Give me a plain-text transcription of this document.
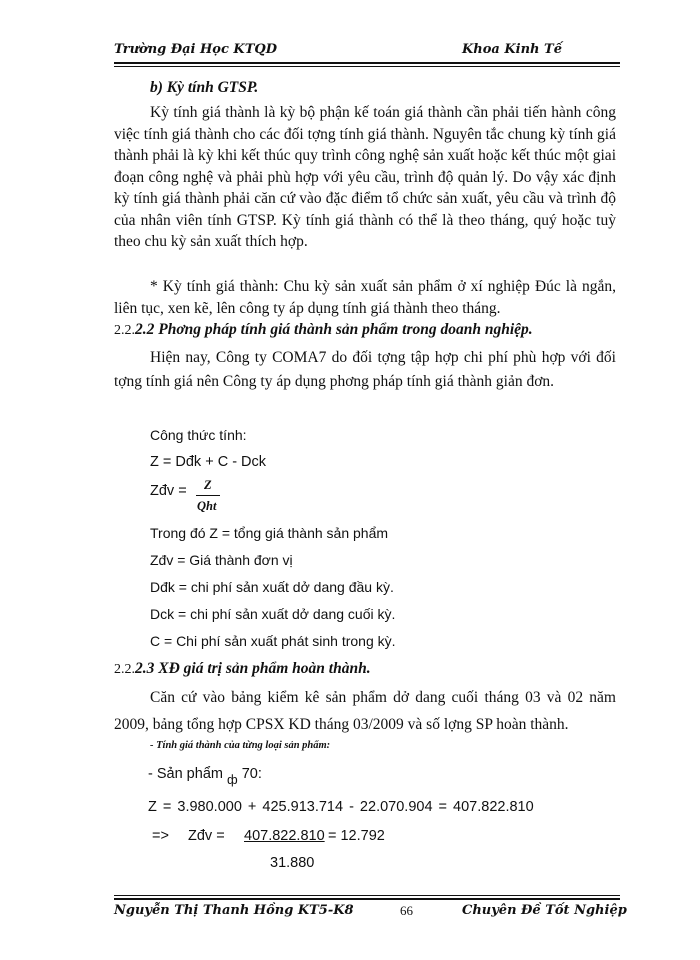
Trường Đại Học KTQD	Khoa Kinh Tế
b) Kỳ tính GTSP.
Kỳ tính giá thành là kỳ bộ phận kế toán giá thành cần phải tiến hành công việc tính giá thành cho các đối tợng tính giá thành. Nguyên tắc chung kỳ tính giá thành phải là kỳ khi kết thúc quy trình công nghệ sản xuất hoặc kết thúc một giai đoạn công nghệ và phải phù hợp với yêu cầu, trình độ quản lý. Do vậy xác định kỳ tính giá thành phải căn cứ vào đặc điểm tổ chức sản xuất, yêu cầu và trình độ của nhân viên tính GTSP. Kỳ tính giá thành có thể là theo tháng, quý hoặc tuỳ theo chu kỳ sản xuất thích hợp.
* Kỳ tính giá thành: Chu kỳ sản xuất sản phẩm ở xí nghiệp Đúc là ngắn, liên tục, xen kẽ, lên công ty áp dụng tính giá thành theo tháng.
2.2.2.2 Phơng pháp tính giá thành sản phẩm trong doanh nghiệp.
Hiện nay, Công ty COMA7 do đối tợng tập hợp chi phí phù hợp với đối tợng tính giá nên Công ty áp dụng phơng pháp tính giá thành giản đơn.
Công thức tính:
Z = Dđk + C - Dck
Zđv = Z
Qht
Trong đó Z = tổng giá thành sản phẩm
Zđv = Giá thành đơn vị
Dđk = chi phí sản xuất dở dang đầu kỳ.
Dck = chi phí sản xuất dở dang cuối kỳ.
C = Chi phí sản xuất phát sinh trong kỳ.
2.2.2.3 XĐ giá trị sản phẩm hoàn thành.
Căn cứ vào bảng kiểm kê sản phẩm dở dang cuối tháng 03 và 02 năm 2009, bảng tổng hợp CPSX KD tháng 03/2009 và số lợng SP hoàn thành.
- Tính giá thành của từng loại sản phẩm:
- Sản phẩm ф 70:
Z = 3.980.000 + 425.913.714 - 22.070.904 = 407.822.810
=> Zđv = 407.822.810 = 12.792
31.880
Nguyễn Thị Thanh Hồng KT5-K8	66	Chuyên Đề Tốt Nghiệp
